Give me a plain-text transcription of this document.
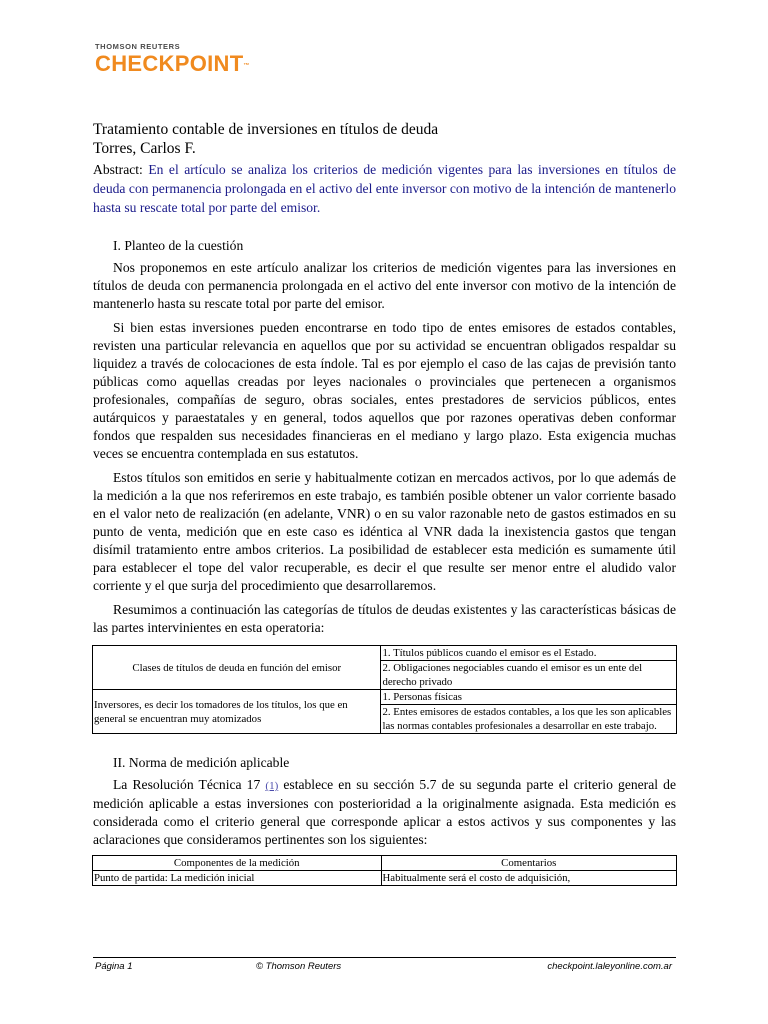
THOMSON REUTERS
CHECKPOINT™
Tratamiento contable de inversiones en títulos de deuda
Torres, Carlos F.

Abstract: En el artículo se analiza los criterios de medición vigentes para las inversiones en títulos de deuda con permanencia prolongada en el activo del ente inversor con motivo de la intención de mantenerlo hasta su rescate total por parte del emisor.

I. Planteo de la cuestión

Nos proponemos en este artículo analizar los criterios de medición vigentes para las inversiones en títulos de deuda con permanencia prolongada en el activo del ente inversor con motivo de la intención de mantenerlo hasta su rescate total por parte del emisor.

Si bien estas inversiones pueden encontrarse en todo tipo de entes emisores de estados contables, revisten una particular relevancia en aquellos que por su actividad se encuentran obligados respaldar su liquidez a través de colocaciones de esta índole. Tal es por ejemplo el caso de las cajas de previsión tanto públicas como aquellas creadas por leyes nacionales o provinciales que pertenecen a organismos profesionales, compañías de seguro, obras sociales, entes prestadores de servicios públicos, entes autárquicos y paraestatales y en general, todos aquellos que por razones operativas deben conformar fondos que respalden sus necesidades financieras en el mediano y largo plazo. Esta exigencia muchas veces se encuentra contemplada en sus estatutos.

Estos títulos son emitidos en serie y habitualmente cotizan en mercados activos, por lo que además de la medición a la que nos referiremos en este trabajo, es también posible obtener un valor corriente basado en el valor neto de realización (en adelante, VNR) o en su valor razonable neto de gastos estimados en su punto de venta, medición que en este caso es idéntica al VNR dada la inexistencia gastos que tengan disímil tratamiento entre ambos criterios. La posibilidad de establecer esta medición es sumamente útil para establecer el tope del valor recuperable, es decir el que resulte ser menor entre el aludido valor corriente y el que surja del procedimiento que desarrollaremos.

Resumimos a continuación las categorías de títulos de deudas existentes y las características básicas de las partes intervinientes en esta operatoria:

Clases de títulos de deuda en función del emisor	1. Títulos públicos cuando el emisor es el Estado.
	2. Obligaciones negociables cuando el emisor es un ente del derecho privado
Inversores, es decir los tomadores de los títulos, los que en general se encuentran muy atomizados	1. Personas físicas
	2. Entes emisores de estados contables, a los que les son aplicables las normas contables profesionales a desarrollar en este trabajo.
II. Norma de medición aplicable

La Resolución Técnica 17 (1) establece en su sección 5.7 de su segunda parte el criterio general de medición aplicable a estas inversiones con posterioridad a la originalmente asignada. Esta medición es considerada como el criterio general que corresponde aplicar a estos activos y sus componentes y las aclaraciones que consideramos pertinentes son los siguientes:

Componentes de la medición	Comentarios
Punto de partida: La medición inicial	Habitualmente será el costo de adquisición,
Página 1	© Thomson Reuters	checkpoint.laleyonline.com.ar
